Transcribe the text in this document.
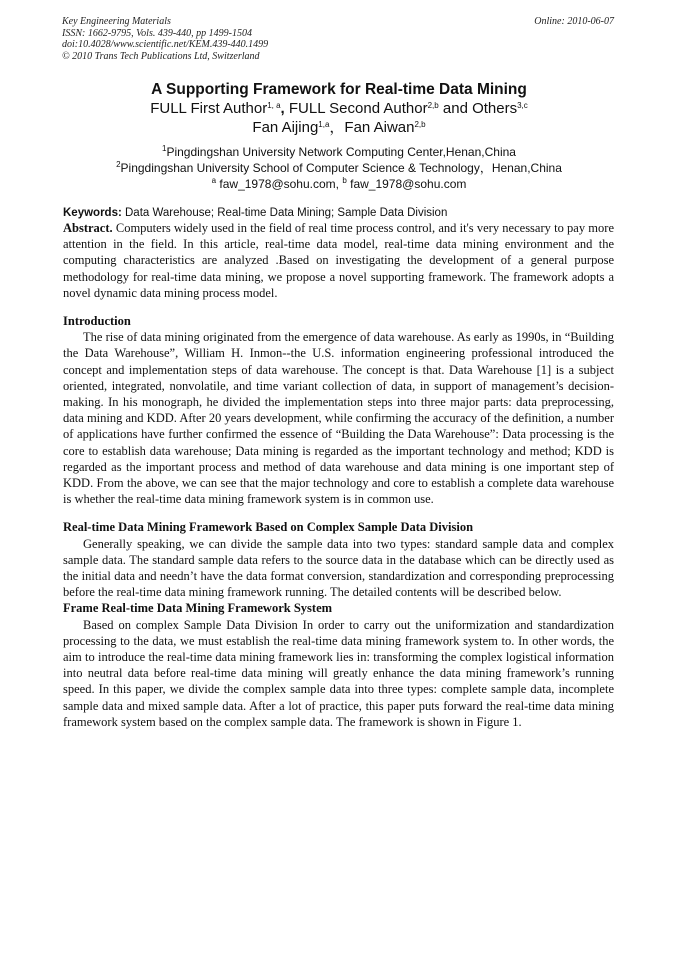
Key Engineering Materials
ISSN: 1662-9795, Vols. 439-440, pp 1499-1504
doi:10.4028/www.scientific.net/KEM.439-440.1499
© 2010 Trans Tech Publications Ltd, Switzerland
Online: 2010-06-07

A Supporting Framework for Real-time Data Mining

FULL First Author$^{1, a}$, FULL Second Author$^{2,b}$ and Others$^{3,c}$

Fan Aijing$^{1,a}$，Fan Aiwan$^{2,b}$

$^1$Pingdingshan University Network Computing Center,Henan,China

$^2$Pingdingshan University School of Computer Science & Technology，Henan,China

$^a$ faw_1978@sohu.com, $^b$ faw_1978@sohu.com

Keywords: Data Warehouse; Real-time Data Mining; Sample Data Division

Abstract. Computers widely used in the field of real time process control, and it's very necessary to pay more attention in the field. In this article, real-time data model, real-time data mining environment and the computing characteristics are analyzed .Based on investigating the development of a general purpose methodology for real-time data mining, we propose a novel supporting framework. The framework adopts a novel dynamic data mining process model.

Introduction

The rise of data mining originated from the emergence of data warehouse. As early as 1990s, in “Building the Data Warehouse”, William H. Inmon--the U.S. information engineering professional introduced the concept and implementation steps of data warehouse. The concept is that. Data Warehouse [1] is a subject oriented, integrated, nonvolatile, and time variant collection of data, in support of management’s decision-making. In his monograph, he divided the implementation steps into three major parts: data preprocessing, data mining and KDD. After 20 years development, while confirming the accuracy of the definition, a number of applications have further confirmed the essence of “Building the Data Warehouse”: Data processing is the core to establish data warehouse; Data mining is regarded as the important technology and method; KDD is regarded as the important process and method of data warehouse and data mining is one important step of KDD. From the above, we can see that the major technology and core to establish a complete data warehouse is whether the real-time data mining framework system is in common use.

Real-time Data Mining Framework Based on Complex Sample Data Division

Generally speaking, we can divide the sample data into two types: standard sample data and complex sample data. The standard sample data refers to the source data in the database which can be directly used as the initial data and needn’t have the data format conversion, standardization and corresponding preprocessing before the real-time data mining framework running. The detailed contents will be described below.

Frame Real-time Data Mining Framework System

Based on complex Sample Data Division In order to carry out the uniformization and standardization processing to the data, we must establish the real-time data mining framework system to. In other words, the aim to introduce the real-time data mining framework lies in: transforming the complex logistical information into neutral data before real-time data mining will greatly enhance the data mining framework’s running speed. In this paper, we divide the complex sample data into three types: complete sample data, incomplete sample data and mixed sample data. After a lot of practice, this paper puts forward the real-time data mining framework system based on the complex sample data. The framework is shown in Figure 1.
